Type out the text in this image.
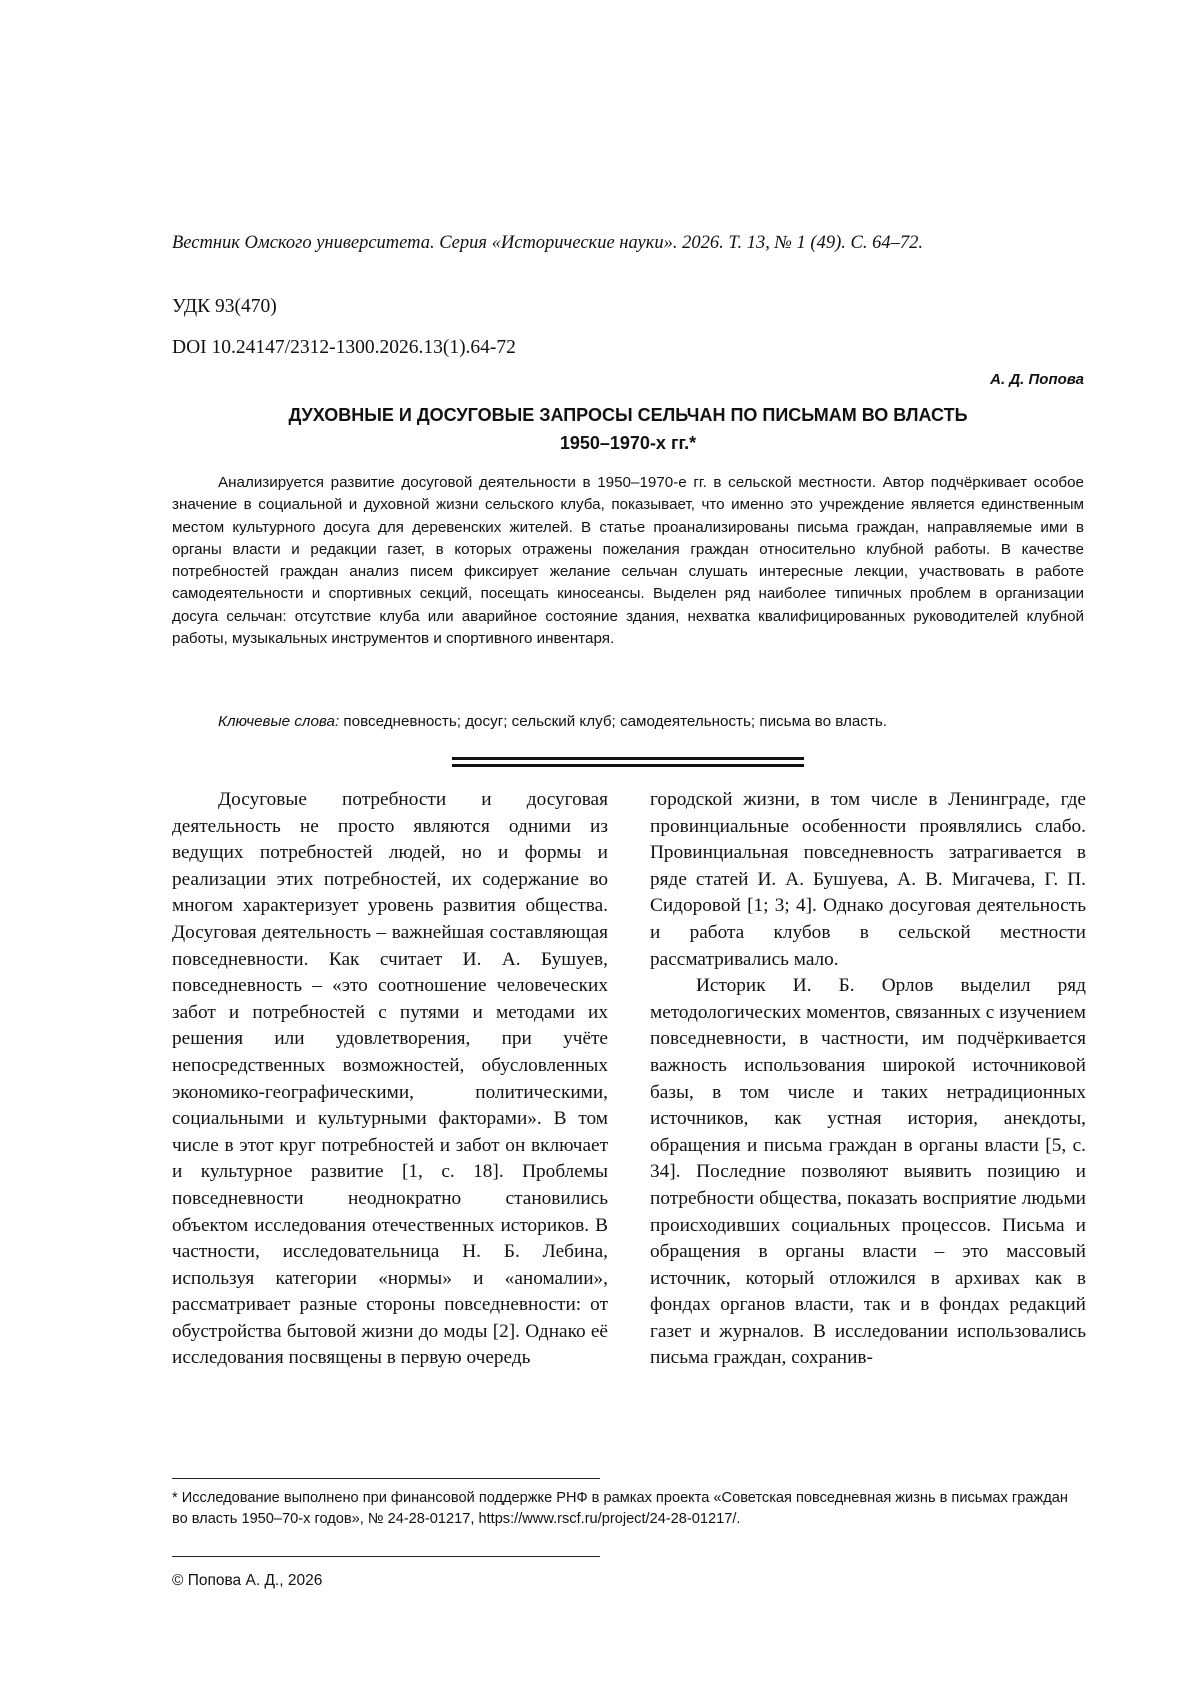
Вестник Омского университета. Серия «Исторические науки». 2026. Т. 13, № 1 (49). С. 64–72.
УДК 93(470)
DOI 10.24147/2312-1300.2026.13(1).64-72
А. Д. Попова
ДУХОВНЫЕ И ДОСУГОВЫЕ ЗАПРОСЫ СЕЛЬЧАН ПО ПИСЬМАМ ВО ВЛАСТЬ
1950–1970-х гг.*

Анализируется развитие досуговой деятельности в 1950–1970-е гг. в сельской местности. Автор подчёркивает особое значение в социальной и духовной жизни сельского клуба, показывает, что именно это учреждение является единственным местом культурного досуга для деревенских жителей. В статье проанализированы письма граждан, направляемые ими в органы власти и редакции газет, в которых отражены пожелания граждан относительно клубной работы. В качестве потребностей граждан анализ писем фиксирует желание сельчан слушать интересные лекции, участвовать в работе самодеятельности и спортивных секций, посещать киносеансы. Выделен ряд наиболее типичных проблем в организации досуга сельчан: отсутствие клуба или аварийное состояние здания, нехватка квалифицированных руководителей клубной работы, музыкальных инструментов и спортивного инвентаря.

Ключевые слова: повседневность; досуг; сельский клуб; самодеятельность; письма во власть.

Досуговые потребности и досуговая деятельность не просто являются одними из ведущих потребностей людей, но и формы и реализации этих потребностей, их содержание во многом характеризует уровень развития общества. Досуговая деятельность – важнейшая составляющая повседневности. Как считает И. А. Бушуев, повседневность – «это соотношение человеческих забот и потребностей с путями и методами их решения или удовлетворения, при учёте непосредственных возможностей, обусловленных экономико-географическими, политическими, социальными и культурными факторами». В том числе в этот круг потребностей и забот он включает и культурное развитие [1, с. 18]. Проблемы повседневности неоднократно становились объектом исследования отечественных историков. В частности, исследовательница Н. Б. Лебина, используя категории «нормы» и «аномалии», рассматривает разные стороны повседневности: от обустройства бытовой жизни до моды [2]. Однако её исследования посвящены в первую очередь

городской жизни, в том числе в Ленинграде, где провинциальные особенности проявлялись слабо. Провинциальная повседневность затрагивается в ряде статей И. А. Бушуева, А. В. Мигачева, Г. П. Сидоровой [1; 3; 4]. Однако досуговая деятельность и работа клубов в сельской местности рассматривались мало.

Историк И. Б. Орлов выделил ряд методологических моментов, связанных с изучением повседневности, в частности, им подчёркивается важность использования широкой источниковой базы, в том числе и таких нетрадиционных источников, как устная история, анекдоты, обращения и письма граждан в органы власти [5, с. 34]. Последние позволяют выявить позицию и потребности общества, показать восприятие людьми происходивших социальных процессов. Письма и обращения в органы власти – это массовый источник, который отложился в архивах как в фондах органов власти, так и в фондах редакций газет и журналов. В исследовании использовались письма граждан, сохранив-

* Исследование выполнено при финансовой поддержке РНФ в рамках проекта «Советская повседневная жизнь в письмах граждан во власть 1950–70-х годов», № 24-28-01217, https://www.rscf.ru/project/24-28-01217/.

© Попова А. Д., 2026
